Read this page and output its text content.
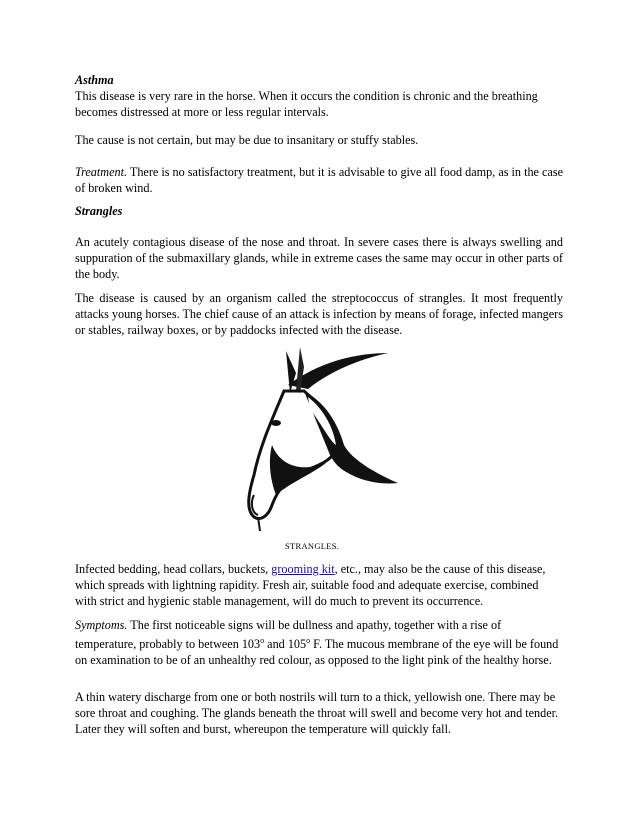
Asthma

This disease is very rare in the horse. When it occurs the condition is chronic and the breathing becomes distressed at more or less regular intervals.

The cause is not certain, but may be due to insanitary or stuffy stables.

Treatment. There is no satisfactory treatment, but it is advisable to give all food damp, as in the case of broken wind.

Strangles

An acutely contagious disease of the nose and throat. In severe cases there is always swelling and suppuration of the submaxillary glands, while in extreme cases the same may occur in other parts of the body.

The disease is caused by an organism called the streptococcus of strangles. It most frequently attacks young horses. The chief cause of an attack is infection by means of forage, infected mangers or stables, railway boxes, or by paddocks infected with the disease.

STRANGLES.

Infected bedding, head collars, buckets, grooming kit, etc., may also be the cause of this disease, which spreads with lightning rapidity. Fresh air, suitable food and adequate exercise, combined with strict and hygienic stable management, will do much to prevent its occurrence.

Symptoms. The first noticeable signs will be dullness and apathy, together with a rise of temperature, probably to between 103$^o$ and 105$^o$ F. The mucous membrane of the eye will be found on examination to be of an unhealthy red colour, as opposed to the light pink of the healthy horse.

A thin watery discharge from one or both nostrils will turn to a thick, yellowish one. There may be sore throat and coughing. The glands beneath the throat will swell and become very hot and tender. Later they will soften and burst, whereupon the temperature will quickly fall.
